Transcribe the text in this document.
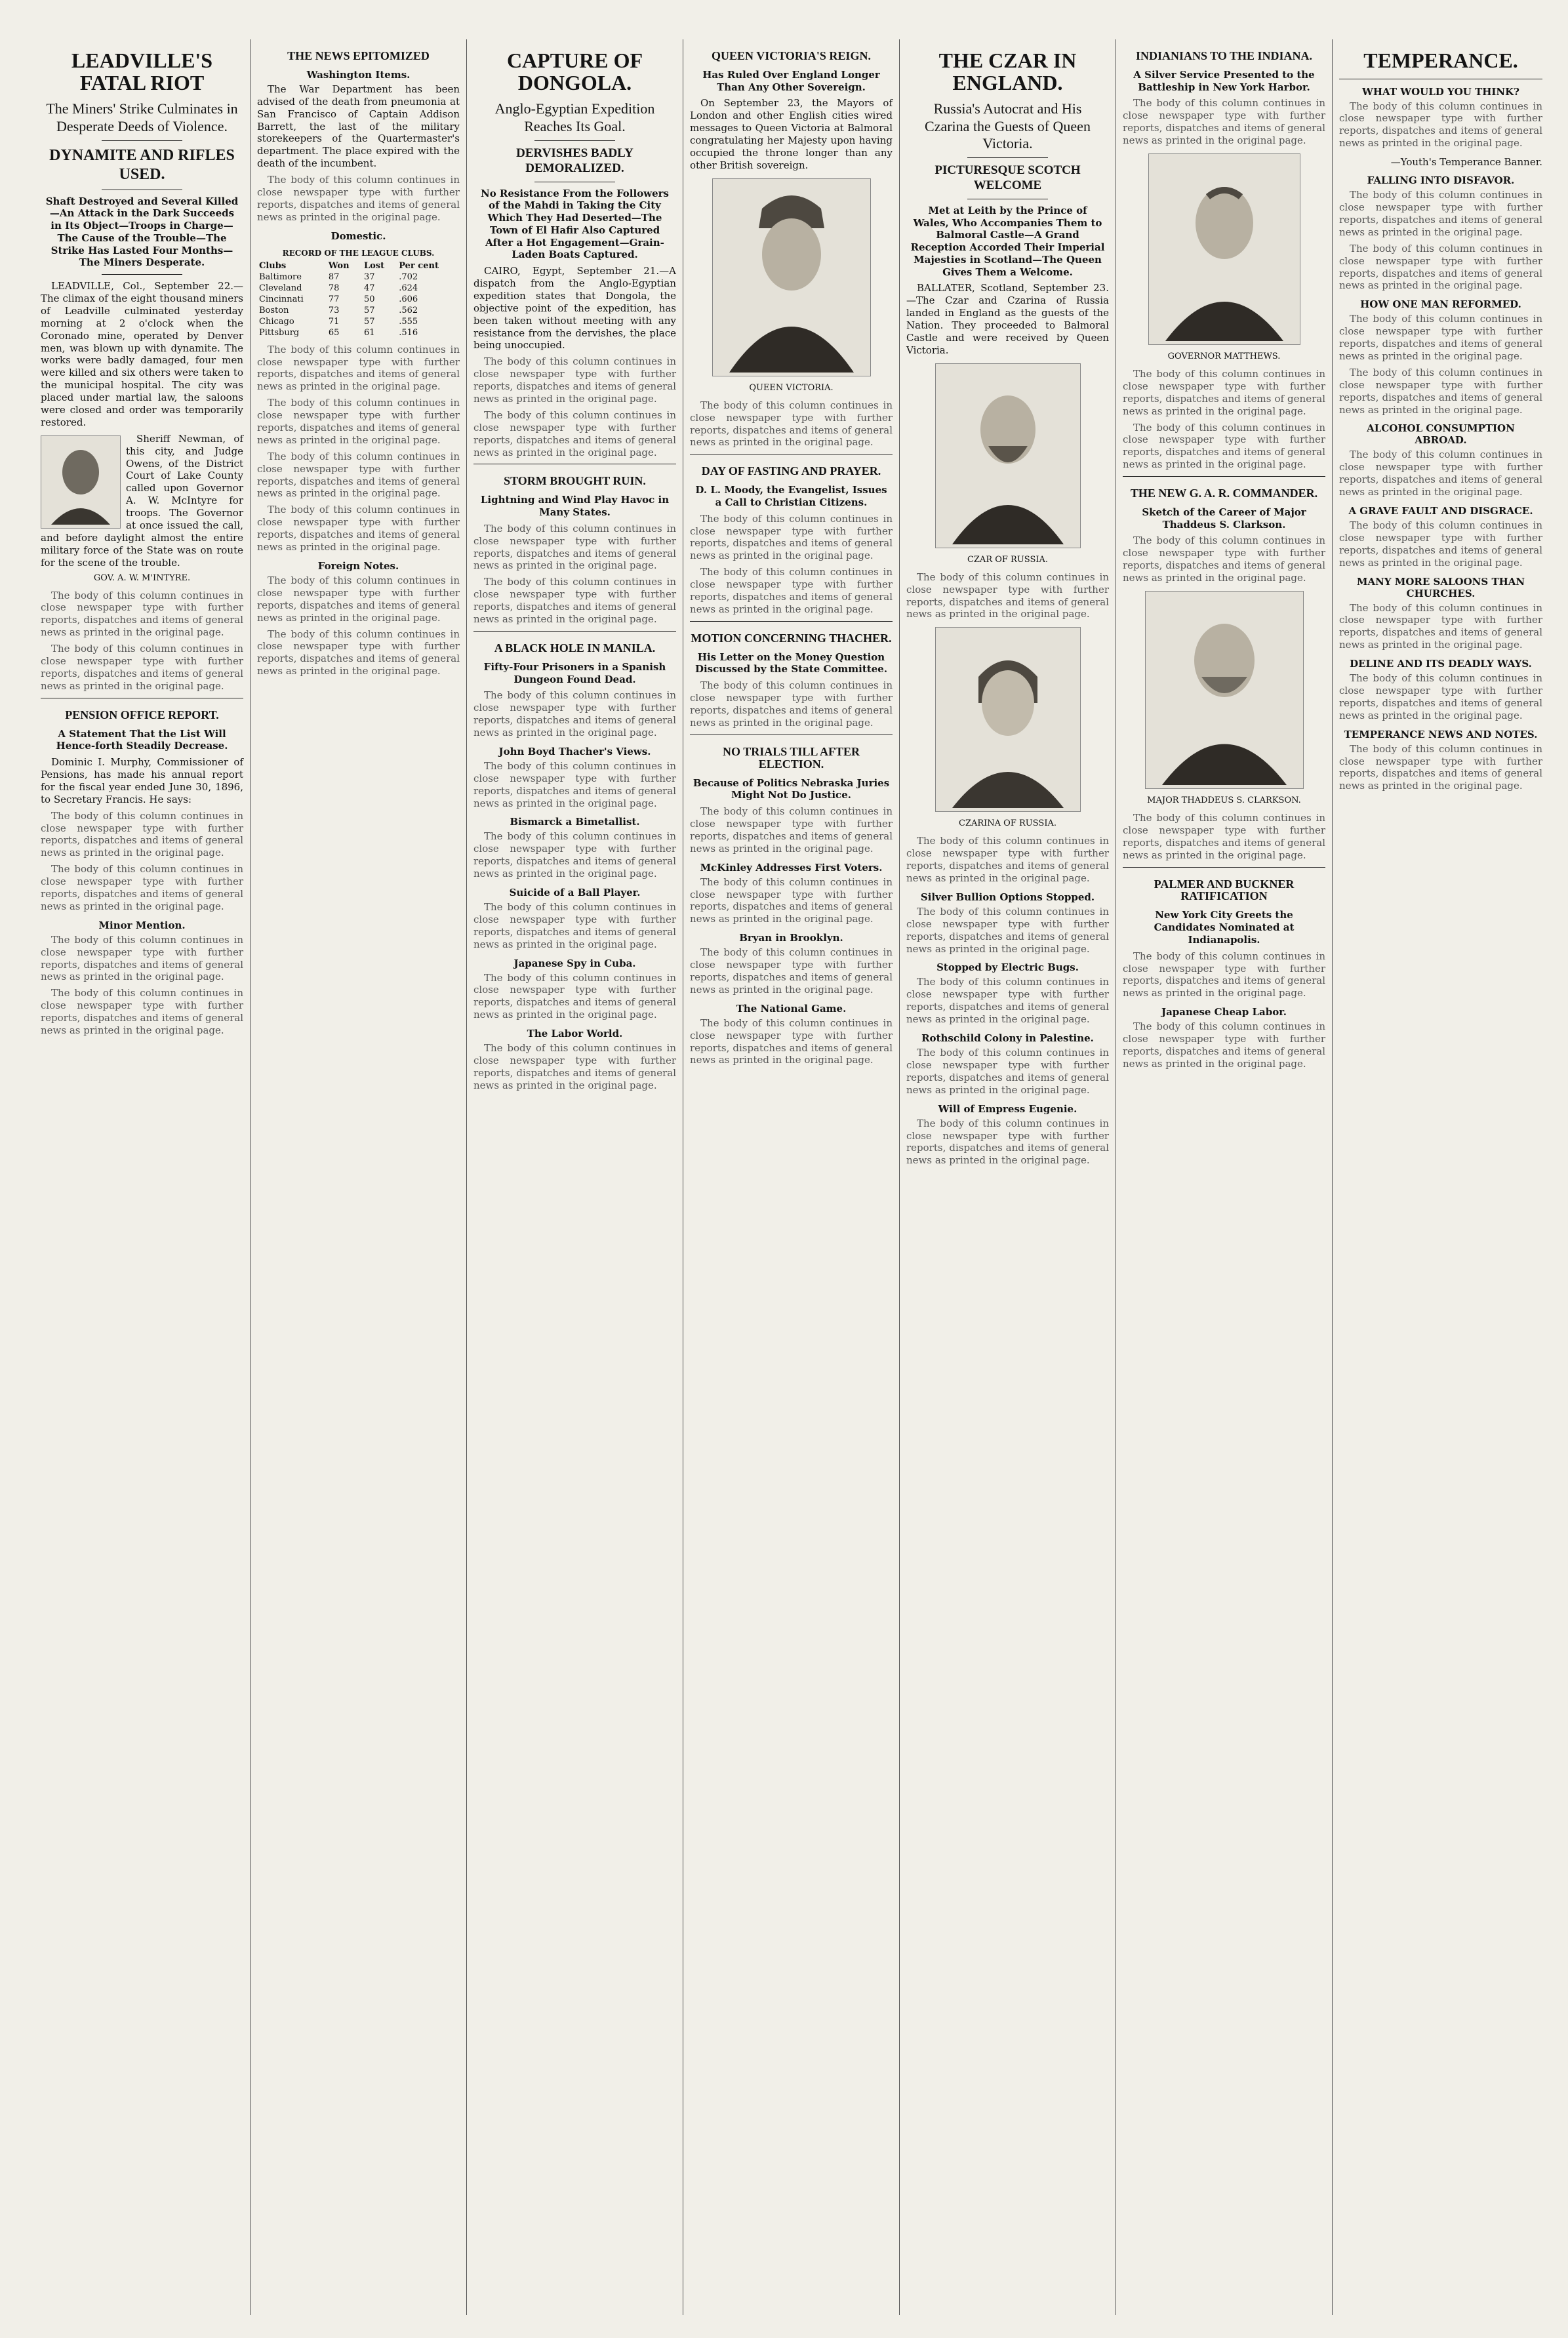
LEADVILLE'S FATAL RIOT
The Miners' Strike Culminates in Desperate Deeds of Violence.
DYNAMITE AND RIFLES USED.
Shaft Destroyed and Several Killed—An Attack in the Dark Succeeds in Its Object—Troops in Charge—The Cause of the Trouble—The Strike Has Lasted Four Months—The Miners Desperate.

LEADVILLE, Col., September 22.—The climax of the eight thousand miners of Leadville culminated yesterday morning at 2 o'clock when the Coronado mine, operated by Denver men, was blown up with dynamite. The works were badly damaged, four men were killed and six others were taken to the municipal hospital. The city was placed under martial law, the saloons were closed and order was temporarily restored.

Sheriff Newman, of this city, and Judge Owens, of the District Court of Lake County called upon Governor A. W. McIntyre for troops. The Governor at once issued the call, and before daylight almost the entire military force of the State was on route for the scene of the trouble.

GOV. A. W. M'INTYRE.

The body of this column continues in close newspaper type with further reports, dispatches and items of general news as printed in the original page.

The body of this column continues in close newspaper type with further reports, dispatches and items of general news as printed in the original page.

PENSION OFFICE REPORT.
A Statement That the List Will Hence-forth Steadily Decrease.

Dominic I. Murphy, Commissioner of Pensions, has made his annual report for the fiscal year ended June 30, 1896, to Secretary Francis. He says:

The body of this column continues in close newspaper type with further reports, dispatches and items of general news as printed in the original page.

The body of this column continues in close newspaper type with further reports, dispatches and items of general news as printed in the original page.

Minor Mention.

The body of this column continues in close newspaper type with further reports, dispatches and items of general news as printed in the original page.

The body of this column continues in close newspaper type with further reports, dispatches and items of general news as printed in the original page.

THE NEWS EPITOMIZED
Washington Items.

The War Department has been advised of the death from pneumonia at San Francisco of Captain Addison Barrett, the last of the military storekeepers of the Quartermaster's department. The place expired with the death of the incumbent.

The body of this column continues in close newspaper type with further reports, dispatches and items of general news as printed in the original page.

Domestic.
RECORD OF THE LEAGUE CLUBS.
Clubs	Won	Lost	Per cent
Baltimore	87	37	.702
Cleveland	78	47	.624
Cincinnati	77	50	.606
Boston	73	57	.562
Chicago	71	57	.555
Pittsburg	65	61	.516

The body of this column continues in close newspaper type with further reports, dispatches and items of general news as printed in the original page.

The body of this column continues in close newspaper type with further reports, dispatches and items of general news as printed in the original page.

The body of this column continues in close newspaper type with further reports, dispatches and items of general news as printed in the original page.

The body of this column continues in close newspaper type with further reports, dispatches and items of general news as printed in the original page.

Foreign Notes.

The body of this column continues in close newspaper type with further reports, dispatches and items of general news as printed in the original page.

The body of this column continues in close newspaper type with further reports, dispatches and items of general news as printed in the original page.

CAPTURE OF DONGOLA.
Anglo-Egyptian Expedition Reaches Its Goal.
DERVISHES BADLY DEMORALIZED.
No Resistance From the Followers of the Mahdi in Taking the City Which They Had Deserted—The Town of El Hafir Also Captured After a Hot Engagement—Grain-Laden Boats Captured.

CAIRO, Egypt, September 21.—A dispatch from the Anglo-Egyptian expedition states that Dongola, the objective point of the expedition, has been taken without meeting with any resistance from the dervishes, the place being unoccupied.

The body of this column continues in close newspaper type with further reports, dispatches and items of general news as printed in the original page.

The body of this column continues in close newspaper type with further reports, dispatches and items of general news as printed in the original page.

STORM BROUGHT RUIN.
Lightning and Wind Play Havoc in Many States.

The body of this column continues in close newspaper type with further reports, dispatches and items of general news as printed in the original page.

The body of this column continues in close newspaper type with further reports, dispatches and items of general news as printed in the original page.

A BLACK HOLE IN MANILA.
Fifty-Four Prisoners in a Spanish Dungeon Found Dead.

The body of this column continues in close newspaper type with further reports, dispatches and items of general news as printed in the original page.

John Boyd Thacher's Views.

The body of this column continues in close newspaper type with further reports, dispatches and items of general news as printed in the original page.

Bismarck a Bimetallist.

The body of this column continues in close newspaper type with further reports, dispatches and items of general news as printed in the original page.

Suicide of a Ball Player.

The body of this column continues in close newspaper type with further reports, dispatches and items of general news as printed in the original page.

Japanese Spy in Cuba.

The body of this column continues in close newspaper type with further reports, dispatches and items of general news as printed in the original page.

The Labor World.

The body of this column continues in close newspaper type with further reports, dispatches and items of general news as printed in the original page.

QUEEN VICTORIA'S REIGN.
Has Ruled Over England Longer Than Any Other Sovereign.

On September 23, the Mayors of London and other English cities wired messages to Queen Victoria at Balmoral congratulating her Majesty upon having occupied the throne longer than any other British sovereign.

QUEEN VICTORIA.

The body of this column continues in close newspaper type with further reports, dispatches and items of general news as printed in the original page.

DAY OF FASTING AND PRAYER.
D. L. Moody, the Evangelist, Issues a Call to Christian Citizens.

The body of this column continues in close newspaper type with further reports, dispatches and items of general news as printed in the original page.

The body of this column continues in close newspaper type with further reports, dispatches and items of general news as printed in the original page.

MOTION CONCERNING THACHER.
His Letter on the Money Question Discussed by the State Committee.

The body of this column continues in close newspaper type with further reports, dispatches and items of general news as printed in the original page.

NO TRIALS TILL AFTER ELECTION.
Because of Politics Nebraska Juries Might Not Do Justice.

The body of this column continues in close newspaper type with further reports, dispatches and items of general news as printed in the original page.

McKinley Addresses First Voters.

The body of this column continues in close newspaper type with further reports, dispatches and items of general news as printed in the original page.

Bryan in Brooklyn.

The body of this column continues in close newspaper type with further reports, dispatches and items of general news as printed in the original page.

The National Game.

The body of this column continues in close newspaper type with further reports, dispatches and items of general news as printed in the original page.

THE CZAR IN ENGLAND.
Russia's Autocrat and His Czarina the Guests of Queen Victoria.
PICTURESQUE SCOTCH WELCOME
Met at Leith by the Prince of Wales, Who Accompanies Them to Balmoral Castle—A Grand Reception Accorded Their Imperial Majesties in Scotland—The Queen Gives Them a Welcome.

BALLATER, Scotland, September 23.—The Czar and Czarina of Russia landed in England as the guests of the Nation. They proceeded to Balmoral Castle and were received by Queen Victoria.

CZAR OF RUSSIA.

The body of this column continues in close newspaper type with further reports, dispatches and items of general news as printed in the original page.

CZARINA OF RUSSIA.

The body of this column continues in close newspaper type with further reports, dispatches and items of general news as printed in the original page.

Silver Bullion Options Stopped.

The body of this column continues in close newspaper type with further reports, dispatches and items of general news as printed in the original page.

Stopped by Electric Bugs.

The body of this column continues in close newspaper type with further reports, dispatches and items of general news as printed in the original page.

Rothschild Colony in Palestine.

The body of this column continues in close newspaper type with further reports, dispatches and items of general news as printed in the original page.

Will of Empress Eugenie.

The body of this column continues in close newspaper type with further reports, dispatches and items of general news as printed in the original page.

INDIANIANS TO THE INDIANA.
A Silver Service Presented to the Battleship in New York Harbor.

The body of this column continues in close newspaper type with further reports, dispatches and items of general news as printed in the original page.

GOVERNOR MATTHEWS.

The body of this column continues in close newspaper type with further reports, dispatches and items of general news as printed in the original page.

The body of this column continues in close newspaper type with further reports, dispatches and items of general news as printed in the original page.

THE NEW G. A. R. COMMANDER.
Sketch of the Career of Major Thaddeus S. Clarkson.

The body of this column continues in close newspaper type with further reports, dispatches and items of general news as printed in the original page.

MAJOR THADDEUS S. CLARKSON.

The body of this column continues in close newspaper type with further reports, dispatches and items of general news as printed in the original page.

PALMER AND BUCKNER RATIFICATION
New York City Greets the Candidates Nominated at Indianapolis.

The body of this column continues in close newspaper type with further reports, dispatches and items of general news as printed in the original page.

Japanese Cheap Labor.

The body of this column continues in close newspaper type with further reports, dispatches and items of general news as printed in the original page.

TEMPERANCE.
WHAT WOULD YOU THINK?

The body of this column continues in close newspaper type with further reports, dispatches and items of general news as printed in the original page.

—Youth's Temperance Banner.
FALLING INTO DISFAVOR.

The body of this column continues in close newspaper type with further reports, dispatches and items of general news as printed in the original page.

The body of this column continues in close newspaper type with further reports, dispatches and items of general news as printed in the original page.

HOW ONE MAN REFORMED.

The body of this column continues in close newspaper type with further reports, dispatches and items of general news as printed in the original page.

The body of this column continues in close newspaper type with further reports, dispatches and items of general news as printed in the original page.

ALCOHOL CONSUMPTION ABROAD.

The body of this column continues in close newspaper type with further reports, dispatches and items of general news as printed in the original page.

A GRAVE FAULT AND DISGRACE.

The body of this column continues in close newspaper type with further reports, dispatches and items of general news as printed in the original page.

MANY MORE SALOONS THAN CHURCHES.

The body of this column continues in close newspaper type with further reports, dispatches and items of general news as printed in the original page.

DELINE AND ITS DEADLY WAYS.

The body of this column continues in close newspaper type with further reports, dispatches and items of general news as printed in the original page.

TEMPERANCE NEWS AND NOTES.

The body of this column continues in close newspaper type with further reports, dispatches and items of general news as printed in the original page.
